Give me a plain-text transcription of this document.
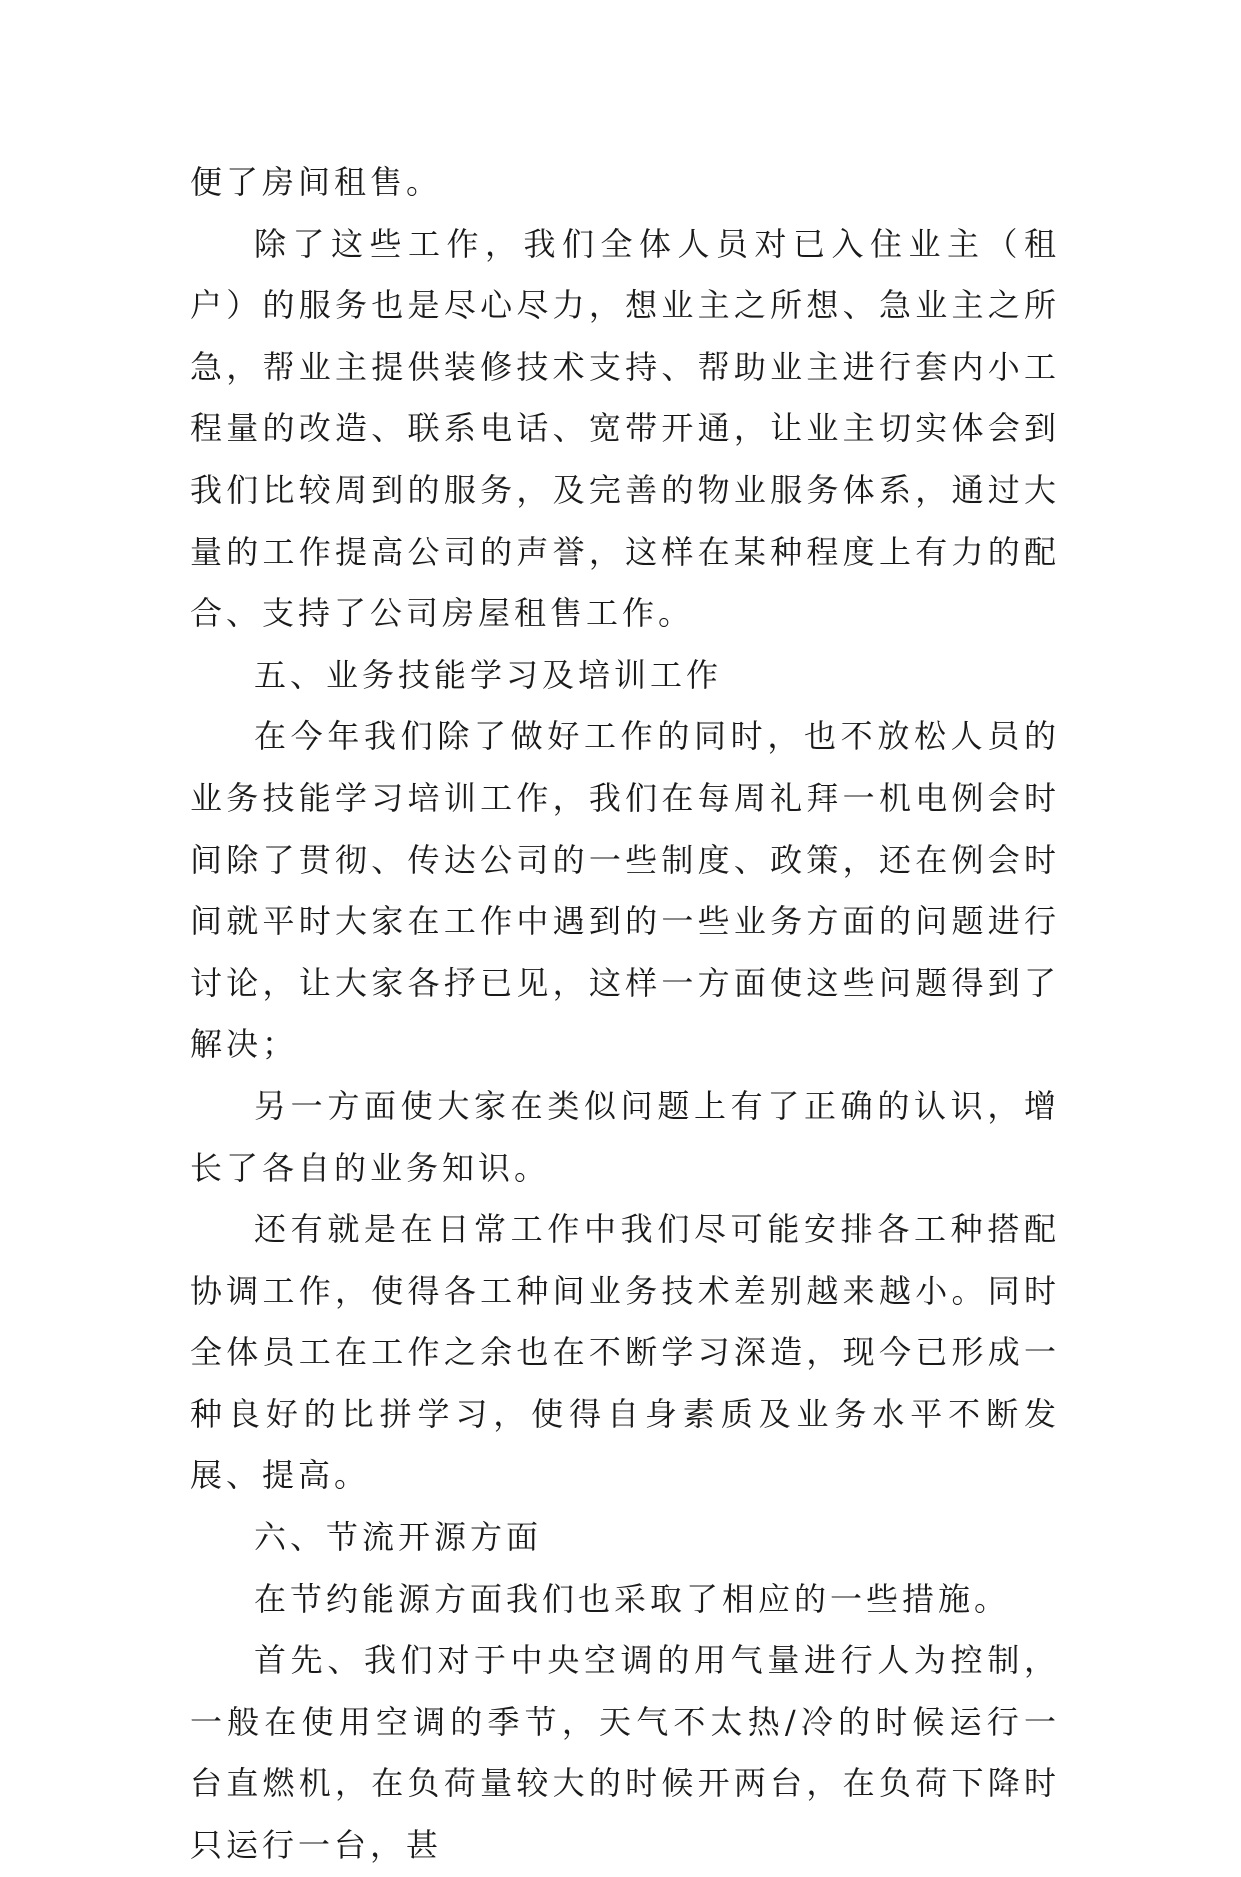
便了房间租售。

除了这些工作，我们全体人员对已入住业主（租户）的服务也是尽心尽力，想业主之所想、急业主之所急，帮业主提供装修技术支持、帮助业主进行套内小工程量的改造、联系电话、宽带开通，让业主切实体会到我们比较周到的服务，及完善的物业服务体系，通过大量的工作提高公司的声誉，这样在某种程度上有力的配合、支持了公司房屋租售工作。

五、业务技能学习及培训工作

在今年我们除了做好工作的同时，也不放松人员的业务技能学习培训工作，我们在每周礼拜一机电例会时间除了贯彻、传达公司的一些制度、政策，还在例会时间就平时大家在工作中遇到的一些业务方面的问题进行讨论，让大家各抒已见，这样一方面使这些问题得到了解决；

另一方面使大家在类似问题上有了正确的认识，增长了各自的业务知识。

还有就是在日常工作中我们尽可能安排各工种搭配协调工作，使得各工种间业务技术差别越来越小。同时全体员工在工作之余也在不断学习深造，现今已形成一种良好的比拼学习，使得自身素质及业务水平不断发展、提高。

六、节流开源方面

在节约能源方面我们也采取了相应的一些措施。

首先、我们对于中央空调的用气量进行人为控制，一般在使用空调的季节，天气不太热/冷的时候运行一台直燃机，在负荷量较大的时候开两台，在负荷下降时只运行一台，甚
